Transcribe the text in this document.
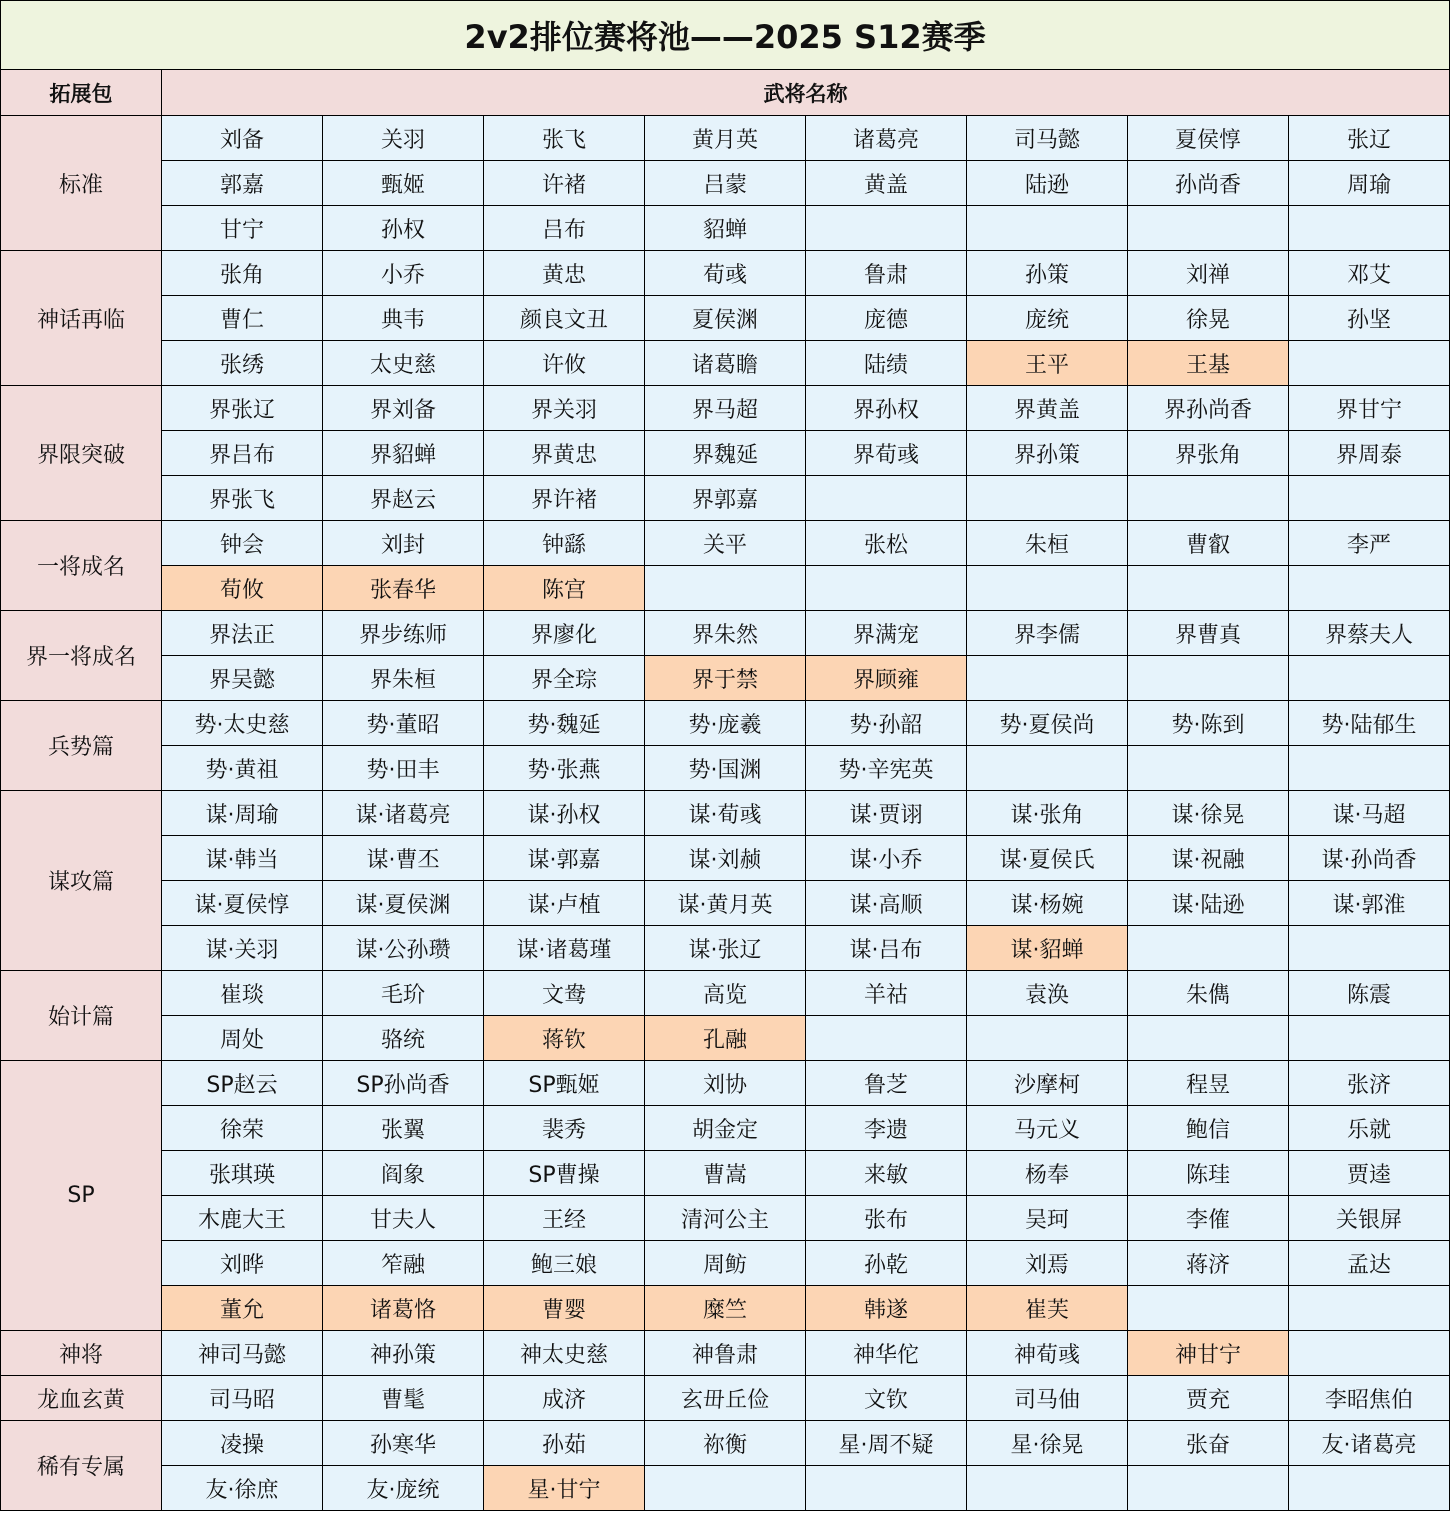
2v2排位赛将池——2025 S12赛季								
拓展包	武将名称							
标准	刘备	关羽	张飞	黄月英	诸葛亮	司马懿	夏侯惇	张辽
	郭嘉	甄姬	许褚	吕蒙	黄盖	陆逊	孙尚香	周瑜
	甘宁	孙权	吕布	貂蝉				
神话再临	张角	小乔	黄忠	荀彧	鲁肃	孙策	刘禅	邓艾
	曹仁	典韦	颜良文丑	夏侯渊	庞德	庞统	徐晃	孙坚
	张绣	太史慈	许攸	诸葛瞻	陆绩	王平	王基	
界限突破	界张辽	界刘备	界关羽	界马超	界孙权	界黄盖	界孙尚香	界甘宁
	界吕布	界貂蝉	界黄忠	界魏延	界荀彧	界孙策	界张角	界周泰
	界张飞	界赵云	界许褚	界郭嘉				
一将成名	钟会	刘封	钟繇	关平	张松	朱桓	曹叡	李严
	荀攸	张春华	陈宫					
界一将成名	界法正	界步练师	界廖化	界朱然	界满宠	界李儒	界曹真	界蔡夫人
	界吴懿	界朱桓	界全琮	界于禁	界顾雍			
兵势篇	势·太史慈	势·董昭	势·魏延	势·庞羲	势·孙韶	势·夏侯尚	势·陈到	势·陆郁生
	势·黄祖	势·田丰	势·张燕	势·国渊	势·辛宪英			
谋攻篇	谋·周瑜	谋·诸葛亮	谋·孙权	谋·荀彧	谋·贾诩	谋·张角	谋·徐晃	谋·马超
	谋·韩当	谋·曹丕	谋·郭嘉	谋·刘赪	谋·小乔	谋·夏侯氏	谋·祝融	谋·孙尚香
	谋·夏侯惇	谋·夏侯渊	谋·卢植	谋·黄月英	谋·高顺	谋·杨婉	谋·陆逊	谋·郭淮
	谋·关羽	谋·公孙瓒	谋·诸葛瑾	谋·张辽	谋·吕布	谋·貂蝉		
始计篇	崔琰	毛玠	文鸯	高览	羊祜	袁涣	朱儁	陈震
	周处	骆统	蒋钦	孔融				
SP	SP赵云	SP孙尚香	SP甄姬	刘协	鲁芝	沙摩柯	程昱	张济
	徐荣	张翼	裴秀	胡金定	李遗	马元义	鲍信	乐就
	张琪瑛	阎象	SP曹操	曹嵩	来敏	杨奉	陈珪	贾逵
	木鹿大王	甘夫人	王经	清河公主	张布	吴珂	李傕	关银屏
	刘晔	笮融	鲍三娘	周鲂	孙乾	刘焉	蒋济	孟达
	董允	诸葛恪	曹婴	糜竺	韩遂	崔芙		
神将	神司马懿	神孙策	神太史慈	神鲁肃	神华佗	神荀彧	神甘宁	
龙血玄黄	司马昭	曹髦	成济	玄毌丘俭	文钦	司马伷	贾充	李昭焦伯
稀有专属	凌操	孙寒华	孙茹	祢衡	星·周不疑	星·徐晃	张奋	友·诸葛亮
	友·徐庶	友·庞统	星·甘宁					
